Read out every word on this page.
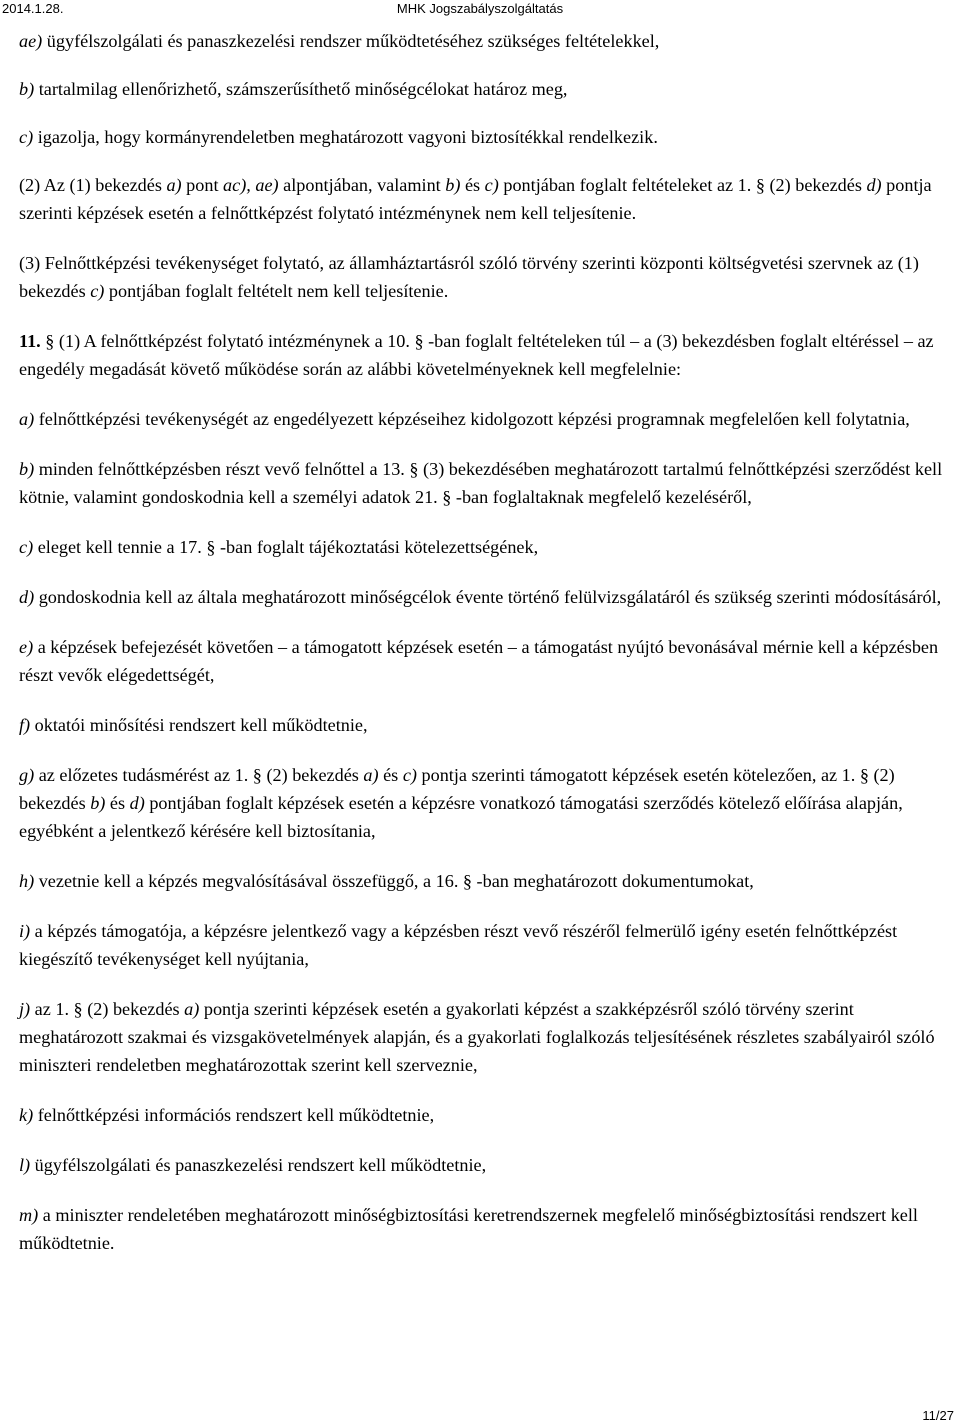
2014.1.28.	MHK Jogszabályszolgáltatás

ae) ügyfélszolgálati és panaszkezelési rendszer működtetéséhez szükséges feltételekkel,

b) tartalmilag ellenőrizhető, számszerűsíthető minőségcélokat határoz meg,

c) igazolja, hogy kormányrendeletben meghatározott vagyoni biztosítékkal rendelkezik.

(2) Az (1) bekezdés a) pont ac), ae) alpontjában, valamint b) és c) pontjában foglalt feltételeket az 1. § (2) bekezdés d) pontja szerinti képzések esetén a felnőttképzést folytató intézménynek nem kell teljesítenie.

(3) Felnőttképzési tevékenységet folytató, az államháztartásról szóló törvény szerinti központi költségvetési szervnek az (1) bekezdés c) pontjában foglalt feltételt nem kell teljesítenie.

11. § (1) A felnőttképzést folytató intézménynek a 10. § -ban foglalt feltételeken túl – a (3) bekezdésben foglalt eltéréssel – az engedély megadását követő működése során az alábbi követelményeknek kell megfelelnie:

a) felnőttképzési tevékenységét az engedélyezett képzéseihez kidolgozott képzési programnak megfelelően kell folytatnia,

b) minden felnőttképzésben részt vevő felnőttel a 13. § (3) bekezdésében meghatározott tartalmú felnőttképzési szerződést kell kötnie, valamint gondoskodnia kell a személyi adatok 21. § -ban foglaltaknak megfelelő kezeléséről,

c) eleget kell tennie a 17. § -ban foglalt tájékoztatási kötelezettségének,

d) gondoskodnia kell az általa meghatározott minőségcélok évente történő felülvizsgálatáról és szükség szerinti módosításáról,

e) a képzések befejezését követően – a támogatott képzések esetén – a támogatást nyújtó bevonásával mérnie kell a képzésben részt vevők elégedettségét,

f) oktatói minősítési rendszert kell működtetnie,

g) az előzetes tudásmérést az 1. § (2) bekezdés a) és c) pontja szerinti támogatott képzések esetén kötelezően, az 1. § (2) bekezdés b) és d) pontjában foglalt képzések esetén a képzésre vonatkozó támogatási szerződés kötelező előírása alapján, egyébként a jelentkező kérésére kell biztosítania,

h) vezetnie kell a képzés megvalósításával összefüggő, a 16. § -ban meghatározott dokumentumokat,

i) a képzés támogatója, a képzésre jelentkező vagy a képzésben részt vevő részéről felmerülő igény esetén felnőttképzést kiegészítő tevékenységet kell nyújtania,

j) az 1. § (2) bekezdés a) pontja szerinti képzések esetén a gyakorlati képzést a szakképzésről szóló törvény szerint meghatározott szakmai és vizsgakövetelmények alapján, és a gyakorlati foglalkozás teljesítésének részletes szabályairól szóló miniszteri rendeletben meghatározottak szerint kell szerveznie,

k) felnőttképzési információs rendszert kell működtetnie,

l) ügyfélszolgálati és panaszkezelési rendszert kell működtetnie,

m) a miniszter rendeletében meghatározott minőségbiztosítási keretrendszernek megfelelő minőségbiztosítási rendszert kell működtetnie.

11/27
